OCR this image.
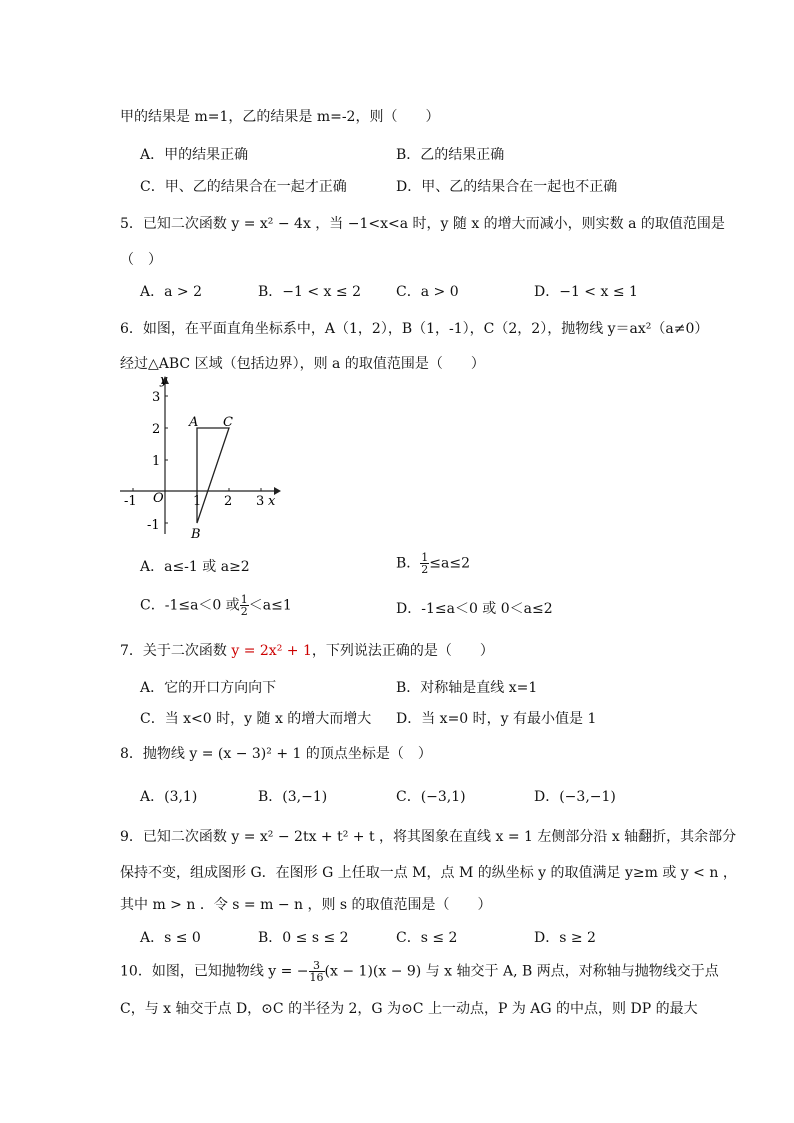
甲的结果是 m=1，乙的结果是 m=-2，则（　　）
A．甲的结果正确	B．乙的结果正确
C．甲、乙的结果合在一起才正确	D．甲、乙的结果合在一起也不正确
5．已知二次函数 y = x² − 4x ，当 −1<x<a 时，y 随 x 的增大而减小，则实数 a 的取值范围是
（　）
A．a > 2	B．−1 < x ≤ 2	C．a > 0	D．−1 < x ≤ 1
6．如图，在平面直角坐标系中，A（1，2），B（1，-1），C（2，2），抛物线 y＝ax²（a≠0）
经过△ABC 区域（包括边界），则 a 的取值范围是（　　）
y
x
O
-1	1 2 3
3
2
1
-1
A C
B
A．a≤-1 或 a≥2	B． $\frac{1}{2} \le a\le 2$
C．-1≤a＜0 或 $\frac{1}{2} <a\le 1$	D．-1≤a＜0 或 0＜a≤2
7．关于二次函数 y = 2x² + 1，下列说法正确的是（　　）
A．它的开口方向向下	B．对称轴是直线 x=1
C．当 x<0 时，y 随 x 的增大而增大 D．当 x=0 时，y 有最小值是 1
8．抛物线 y = (x − 3)² + 1 的顶点坐标是（　）
A．(3,1)	B．(3,−1)	C．(−3,1)	D．(−3,−1)
9．已知二次函数 y = x² − 2tx + t² + t ，将其图象在直线 x = 1 左侧部分沿 x 轴翻折，其余部分
保持不变，组成图形 G．在图形 G 上任取一点 M，点 M 的纵坐标 y 的取值满足 y≥m 或 y < n ，
其中 m > n ．令 s = m − n ，则 s 的取值范围是（　　）
A．s ≤ 0	B．0 ≤ s ≤ 2	C．s ≤ 2	D．s ≥ 2
10．如图，已知抛物线 y = − $\frac{3}{16} (x - 1)(x - 9)$ 与 x 轴交于 A, B 两点，对称轴与抛物线交于点
C，与 x 轴交于点 D，⊙C 的半径为 2，G 为⊙C 上一动点，P 为 AG 的中点，则 DP 的最大
